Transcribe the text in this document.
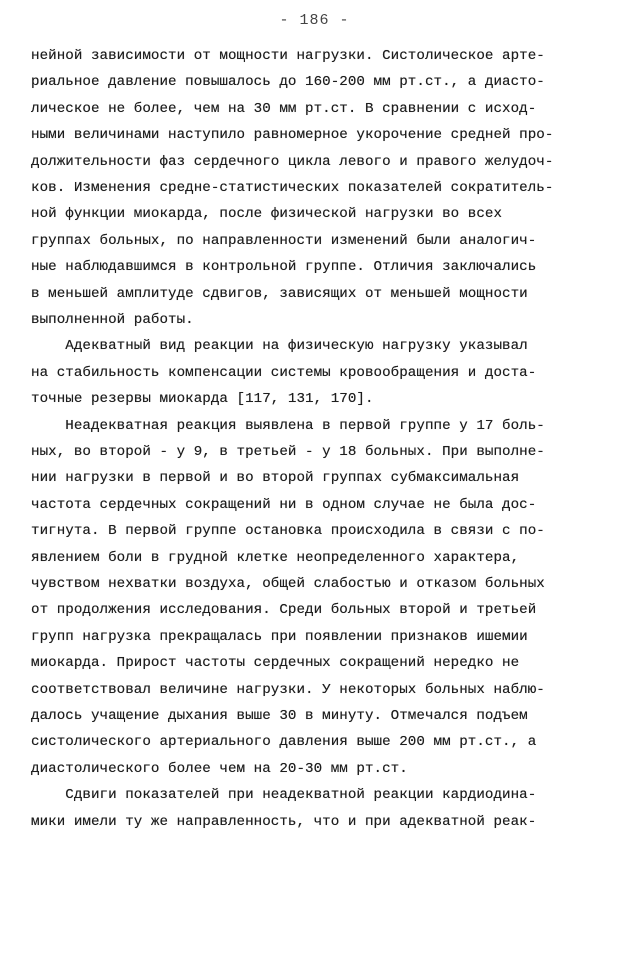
- 186 -
нейной зависимости от мощности нагрузки. Систолическое арте-
риальное давление повышалось до 160-200 мм рт.ст., а диасто-
лическое не более, чем на 30 мм рт.ст. В сравнении с исход-
ными величинами наступило равномерное укорочение средней про-
должительности фаз сердечного цикла левого и правого желудоч-
ков. Изменения средне-статистических показателей сократитель-
ной функции миокарда, после физической нагрузки во всех
группах больных, по направленности изменений были аналогич-
ные наблюдавшимся в контрольной группе. Отличия заключались
в меньшей амплитуде сдвигов, зависящих от меньшей мощности
выполненной работы.
Адекватный вид реакции на физическую нагрузку указывал
на стабильность компенсации системы кровообращения и доста-
точные резервы миокарда [117, 131, 170].
Неадекватная реакция выявлена в первой группе у 17 боль-
ных, во второй - у 9, в третьей - у 18 больных. При выполне-
нии нагрузки в первой и во второй группах субмаксимальная
частота сердечных сокращений ни в одном случае не была дос-
тигнута. В первой группе остановка происходила в связи с по-
явлением боли в грудной клетке неопределенного характера,
чувством нехватки воздуха, общей слабостью и отказом больных
от продолжения исследования. Среди больных второй и третьей
групп нагрузка прекращалась при появлении признаков ишемии
миокарда. Прирост частоты сердечных сокращений нередко не
соответствовал величине нагрузки. У некоторых больных наблю-
далось учащение дыхания выше 30 в минуту. Отмечался подъем
систолического артериального давления выше 200 мм рт.ст., а
диастолического более чем на 20-30 мм рт.ст.
Сдвиги показателей при неадекватной реакции кардиодина-
мики имели ту же направленность, что и при адекватной реак-
